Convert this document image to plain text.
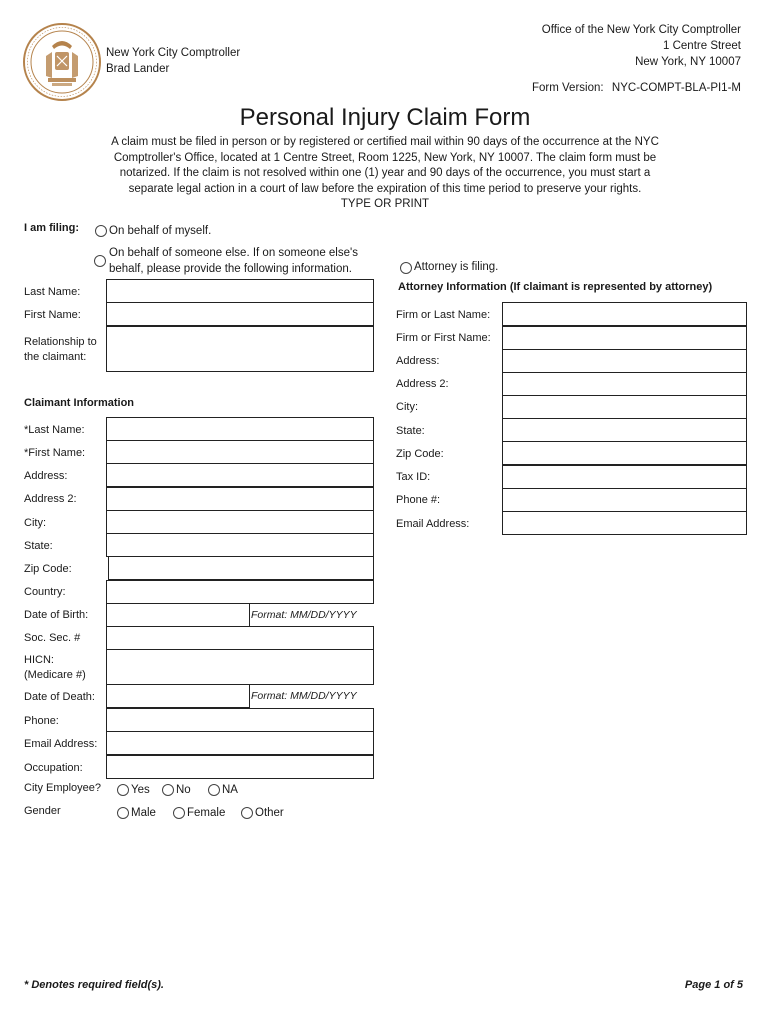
New York City Comptroller
Brad Lander
Office of the New York City Comptroller
1 Centre Street
New York, NY 10007
Form Version: NYC-COMPT-BLA-PI1-M
Personal Injury Claim Form
A claim must be filed in person or by registered or certified mail within 90 days of the occurrence at the NYC
Comptroller's Office, located at 1 Centre Street, Room 1225, New York, NY 10007. The claim form must be
notarized. If the claim is not resolved within one (1) year and 90 days of the occurrence, you must start a
separate legal action in a court of law before the expiration of this time period to preserve your rights.
TYPE OR PRINT
I am filing:	On behalf of myself.
On behalf of someone else. If on someone else's
behalf, please provide the following information.	Attorney is filing.
Last Name:
First Name:
Relationship to
the claimant:
Attorney Information (If claimant is represented by attorney)
Firm or Last Name:
Firm or First Name:
Address:
Address 2:
City:
State:
Zip Code:
Tax ID:
Phone #:
Email Address:
Claimant Information
*Last Name:
*First Name:
Address:
Address 2:
City:
State:
Zip Code:
Country:
Date of Birth:	Format: MM/DD/YYYY
Soc. Sec. #
HICN:
(Medicare #)
Date of Death:	Format: MM/DD/YYYY
Phone:
Email Address:
Occupation:
City Employee?	Yes No	NA
Gender	Male	Female	Other
* Denotes required field(s).	Page 1 of 5
